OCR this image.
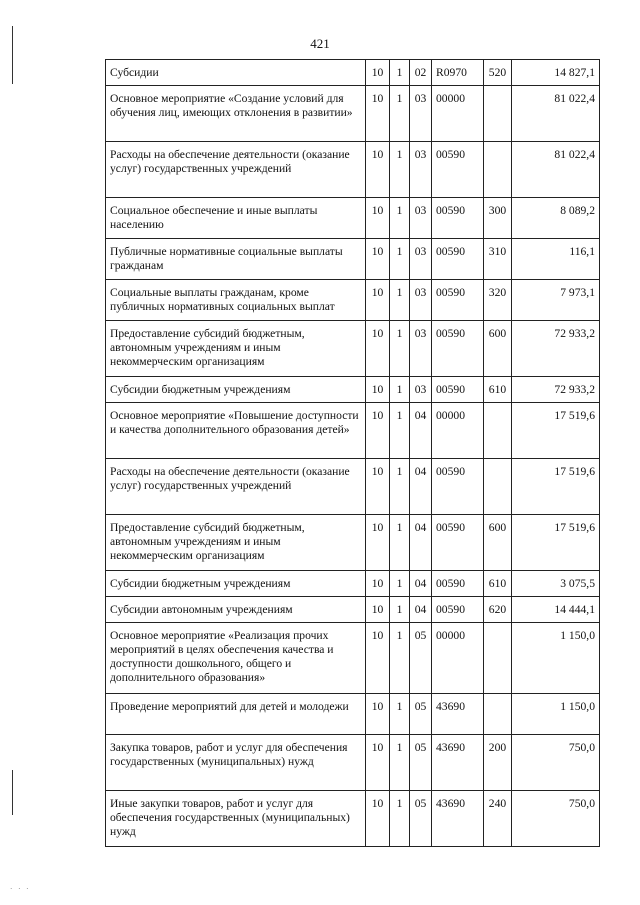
· · ·
421
Субсидии	10	1	02	R0970	520	14 827,1
Основное мероприятие «Создание условий для обучения лиц, имеющих отклонения в развитии»	10	1	03	00000		81 022,4
Расходы на обеспечение деятельности (оказание услуг) государственных учреждений	10	1	03	00590		81 022,4
Социальное обеспечение и иные выплаты населению	10	1	03	00590	300	8 089,2
Публичные нормативные социальные выплаты гражданам	10	1	03	00590	310	116,1
Социальные выплаты гражданам, кроме публичных нормативных социальных выплат	10	1	03	00590	320	7 973,1
Предоставление субсидий бюджетным, автономным учреждениям и иным некоммерческим организациям	10	1	03	00590	600	72 933,2
Субсидии бюджетным учреждениям	10	1	03	00590	610	72 933,2
Основное мероприятие «Повышение доступности и качества дополнительного образования детей»	10	1	04	00000		17 519,6
Расходы на обеспечение деятельности (оказание услуг) государственных учреждений	10	1	04	00590		17 519,6
Предоставление субсидий бюджетным, автономным учреждениям и иным некоммерческим организациям	10	1	04	00590	600	17 519,6
Субсидии бюджетным учреждениям	10	1	04	00590	610	3 075,5
Субсидии автономным учреждениям	10	1	04	00590	620	14 444,1
Основное мероприятие «Реализация прочих мероприятий в целях обеспечения качества и доступности дошкольного, общего и дополнительного образования»	10	1	05	00000		1 150,0
Проведение мероприятий для детей и молодежи	10	1	05	43690		1 150,0
Закупка товаров, работ и услуг для обеспечения государственных (муниципальных) нужд	10	1	05	43690	200	750,0
Иные закупки товаров, работ и услуг для обеспечения государственных (муниципальных) нужд	10	1	05	43690	240	750,0
